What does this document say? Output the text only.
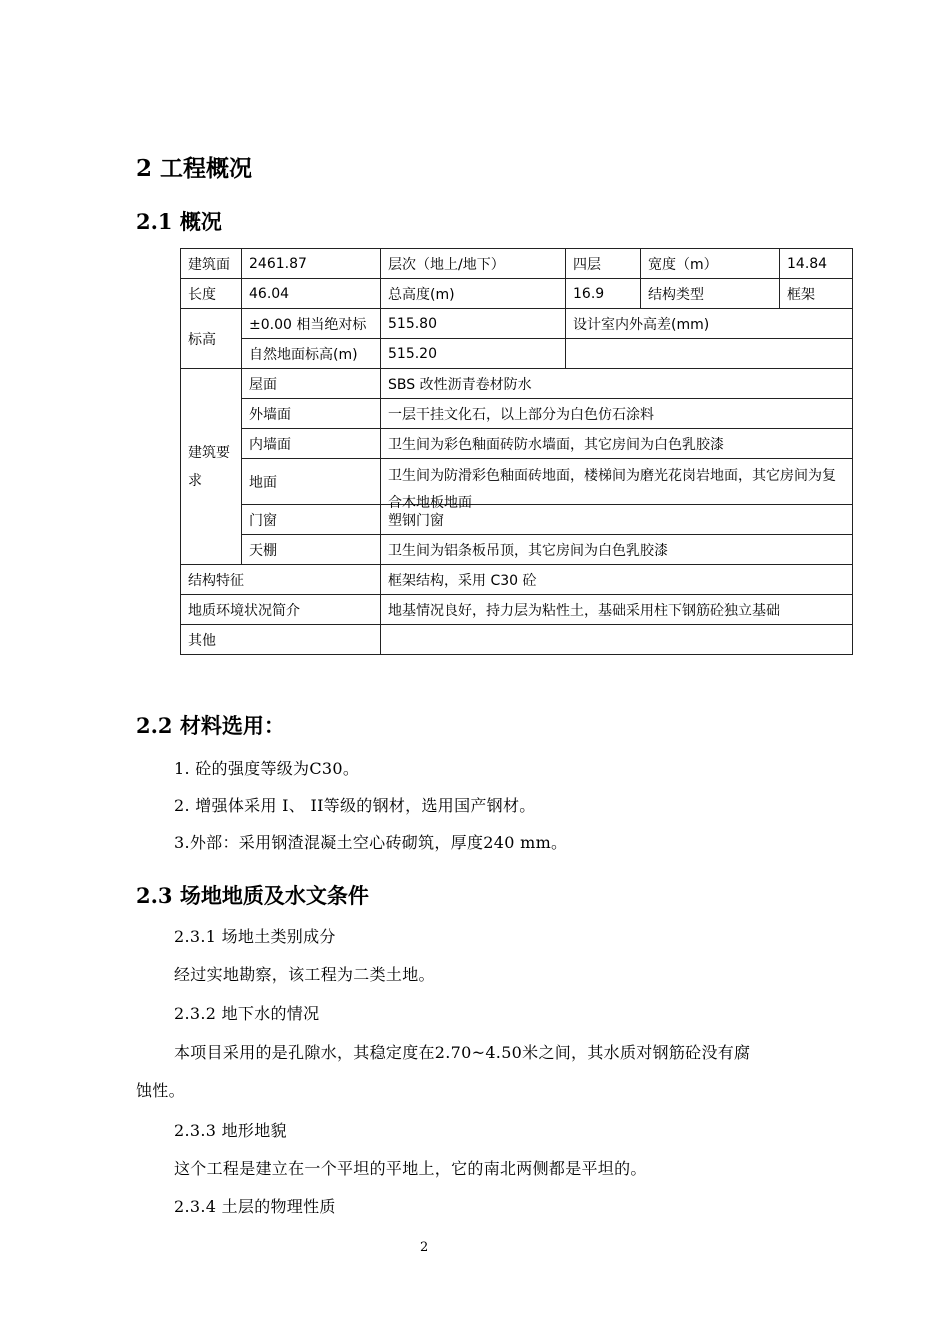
2 工程概况
2.1 概况
建筑面	2461.87	层次（地上/地下）	四层	宽度（m）	14.84	
长度	46.04	总高度(m)	16.9	结构类型	框架	
标高	±0.00 相当绝对标	515.80	设计室内外高差(mm)	
	自然地面标高(m)	515.20				

建筑要求	屋面	SBS 改性沥青卷材防水				
	外墙面	一层干挂文化石，以上部分为白色仿石涂料				
	内墙面	卫生间为彩色釉面砖防水墙面，其它房间为白色乳胶漆				
	地面	卫生间为防滑彩色釉面砖地面，楼梯间为磨光花岗岩地面，其它房间为复合木地板地面				

	门窗	塑钢门窗				
	天棚	卫生间为铝条板吊顶，其它房间为白色乳胶漆				
结构特征		框架结构，采用 C30 砼				
地质环境状况简介		地基情况良好，持力层为粘性土，基础采用柱下钢筋砼独立基础				
其他						
2.2 材料选用：
1. 砼的强度等级为C30。
2. 增强体采用 I、 II等级的钢材，选用国产钢材。
3.外部：采用钢渣混凝土空心砖砌筑，厚度240 mm。
2.3 场地地质及水文条件
2.3.1 场地土类别成分
经过实地勘察，该工程为二类土地。
2.3.2 地下水的情况
本项目采用的是孔隙水，其稳定度在2.70~4.50米之间，其水质对钢筋砼没有腐
蚀性。
2.3.3 地形地貌
这个工程是建立在一个平坦的平地上，它的南北两侧都是平坦的。
2.3.4 土层的物理性质
2
